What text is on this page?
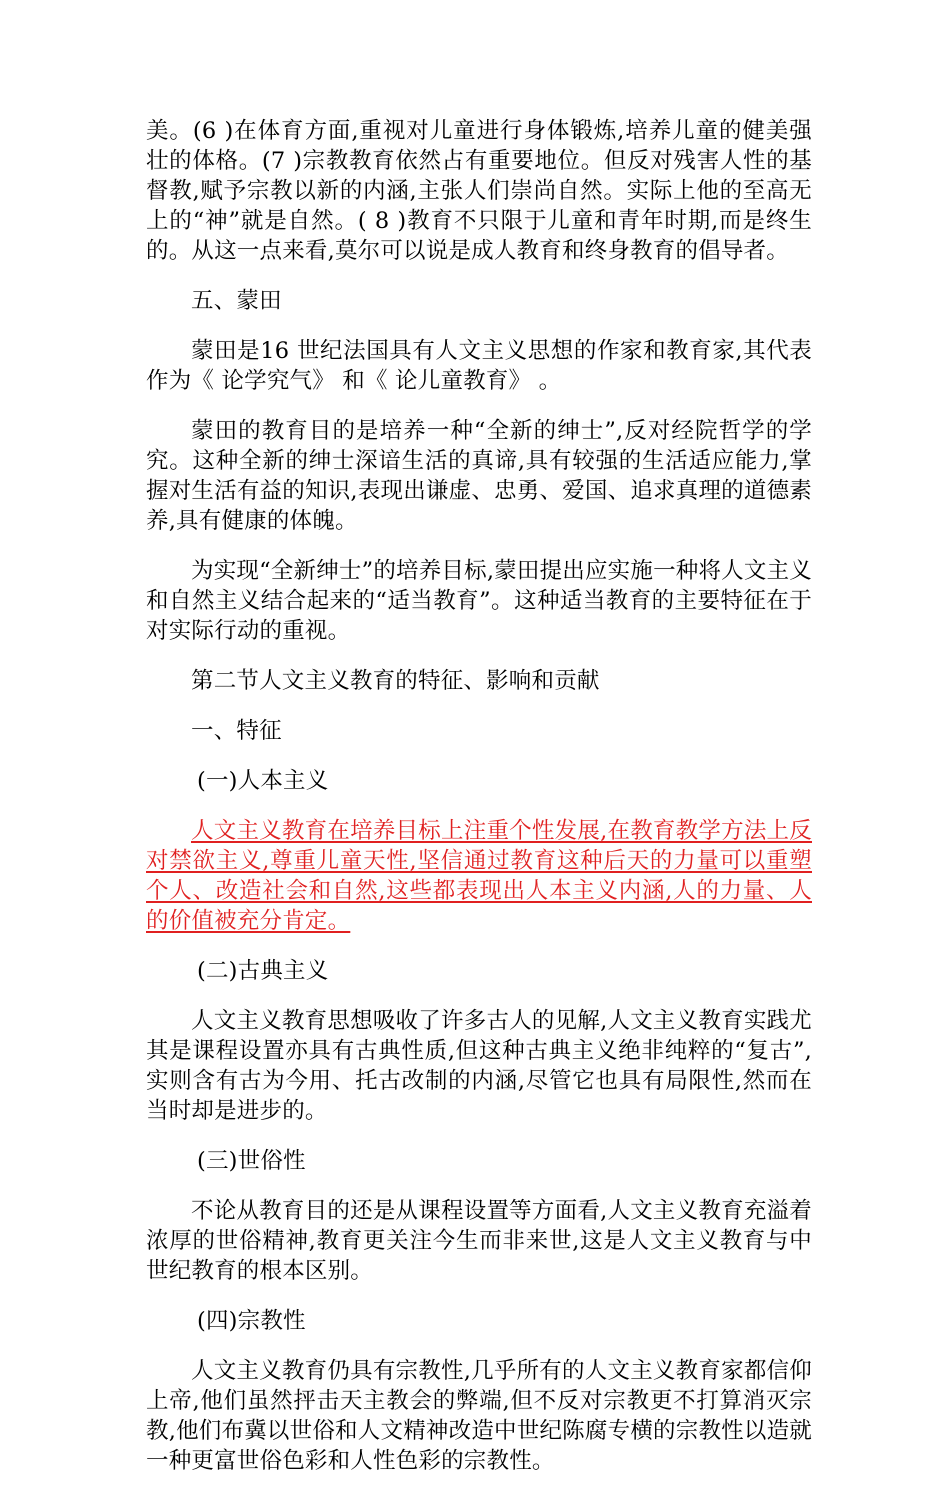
美。(6 )在体育方面,重视对儿童进行身体锻炼,培养儿童的健美强壮的体格。(7 )宗教教育依然占有重要地位。但反对残害人性的基督教,赋予宗教以新的内涵,主张人们崇尚自然。实际上他的至高无上的“神”就是自然。( 8 )教育不只限于儿童和青年时期,而是终生的。从这一点来看,莫尔可以说是成人教育和终身教育的倡导者。

五、蒙田

蒙田是16 世纪法国具有人文主义思想的作家和教育家,其代表作为《 论学究气》 和《 论儿童教育》 。

蒙田的教育目的是培养一种“全新的绅士”,反对经院哲学的学究。这种全新的绅士深谙生活的真谛,具有较强的生活适应能力,掌握对生活有益的知识,表现出谦虚、忠勇、爱国、追求真理的道德素养,具有健康的体魄。

为实现“全新绅士”的培养目标,蒙田提出应实施一种将人文主义和自然主义结合起来的“适当教育”。这种适当教育的主要特征在于对实际行动的重视。

第二节人文主义教育的特征、影响和贡献

一、特征

(一)人本主义

人文主义教育在培养目标上注重个性发展,在教育教学方法上反对禁欲主义,尊重儿童天性,坚信通过教育这种后天的力量可以重塑个人、改造社会和自然,这些都表现出人本主义内涵,人的力量、人的价值被充分肯定。

(二)古典主义

人文主义教育思想吸收了许多古人的见解,人文主义教育实践尤其是课程设置亦具有古典性质,但这种古典主义绝非纯粹的“复古”,实则含有古为今用、托古改制的内涵,尽管它也具有局限性,然而在当时却是进步的。

(三)世俗性

不论从教育目的还是从课程设置等方面看,人文主义教育充溢着浓厚的世俗精神,教育更关注今生而非来世,这是人文主义教育与中世纪教育的根本区别。

(四)宗教性

人文主义教育仍具有宗教性,几乎所有的人文主义教育家都信仰上帝,他们虽然抨击天主教会的弊端,但不反对宗教更不打算消灭宗教,他们布冀以世俗和人文精神改造中世纪陈腐专横的宗教性以造就一种更富世俗色彩和人性色彩的宗教性。
